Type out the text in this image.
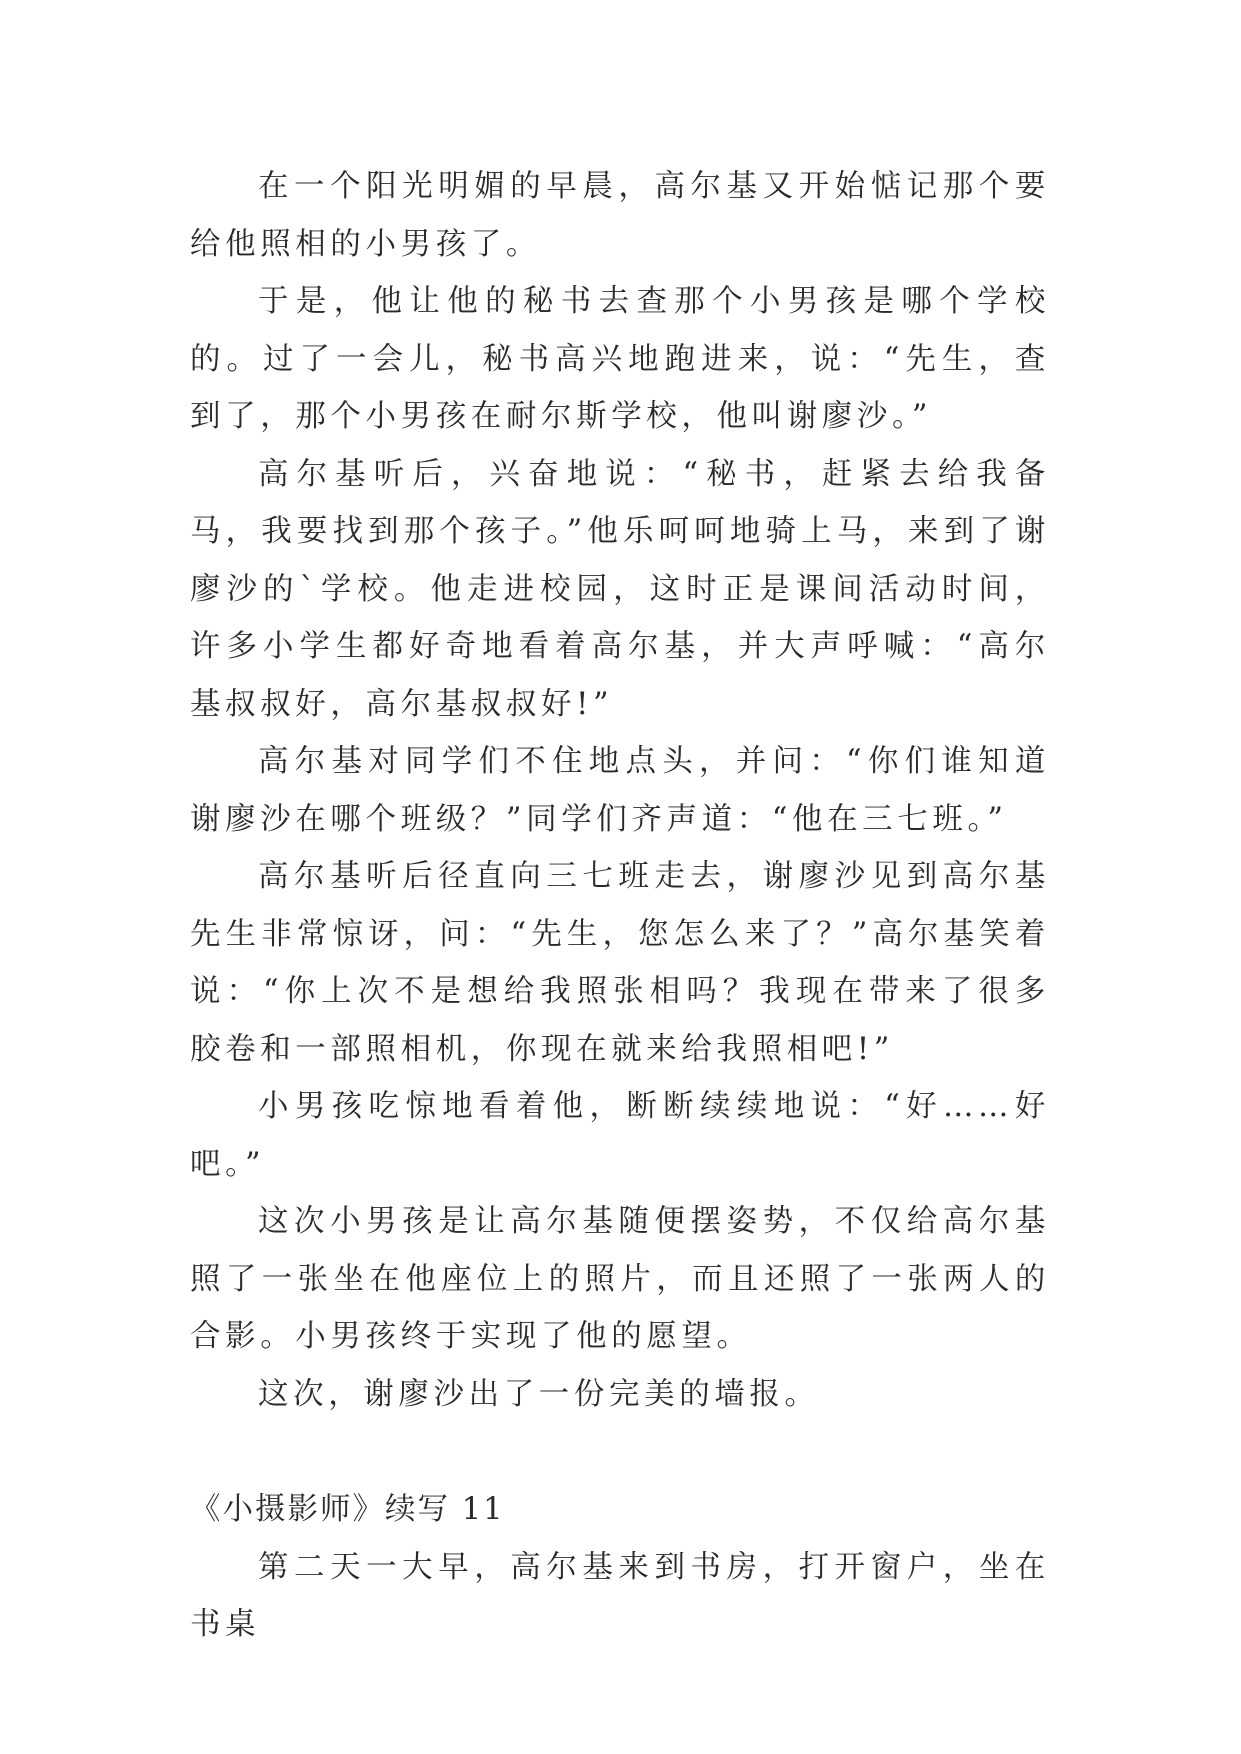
在一个阳光明媚的早晨，高尔基又开始惦记那个要给他照相的小男孩了。

于是，他让他的秘书去查那个小男孩是哪个学校的。过了一会儿，秘书高兴地跑进来，说：“先生，查到了，那个小男孩在耐尔斯学校，他叫谢廖沙。”

高尔基听后，兴奋地说：“秘书，赶紧去给我备马，我要找到那个孩子。”他乐呵呵地骑上马，来到了谢廖沙的`学校。他走进校园，这时正是课间活动时间，许多小学生都好奇地看着高尔基，并大声呼喊：“高尔基叔叔好，高尔基叔叔好!”

高尔基对同学们不住地点头，并问：“你们谁知道谢廖沙在哪个班级？”同学们齐声道：“他在三七班。”

高尔基听后径直向三七班走去，谢廖沙见到高尔基先生非常惊讶，问：“先生，您怎么来了？”高尔基笑着说：“你上次不是想给我照张相吗？我现在带来了很多胶卷和一部照相机，你现在就来给我照相吧!”

小男孩吃惊地看着他，断断续续地说：“好……好吧。”

这次小男孩是让高尔基随便摆姿势，不仅给高尔基照了一张坐在他座位上的照片，而且还照了一张两人的合影。小男孩终于实现了他的愿望。

这次，谢廖沙出了一份完美的墙报。

《小摄影师》续写 11

第二天一大早，高尔基来到书房，打开窗户，坐在书桌
